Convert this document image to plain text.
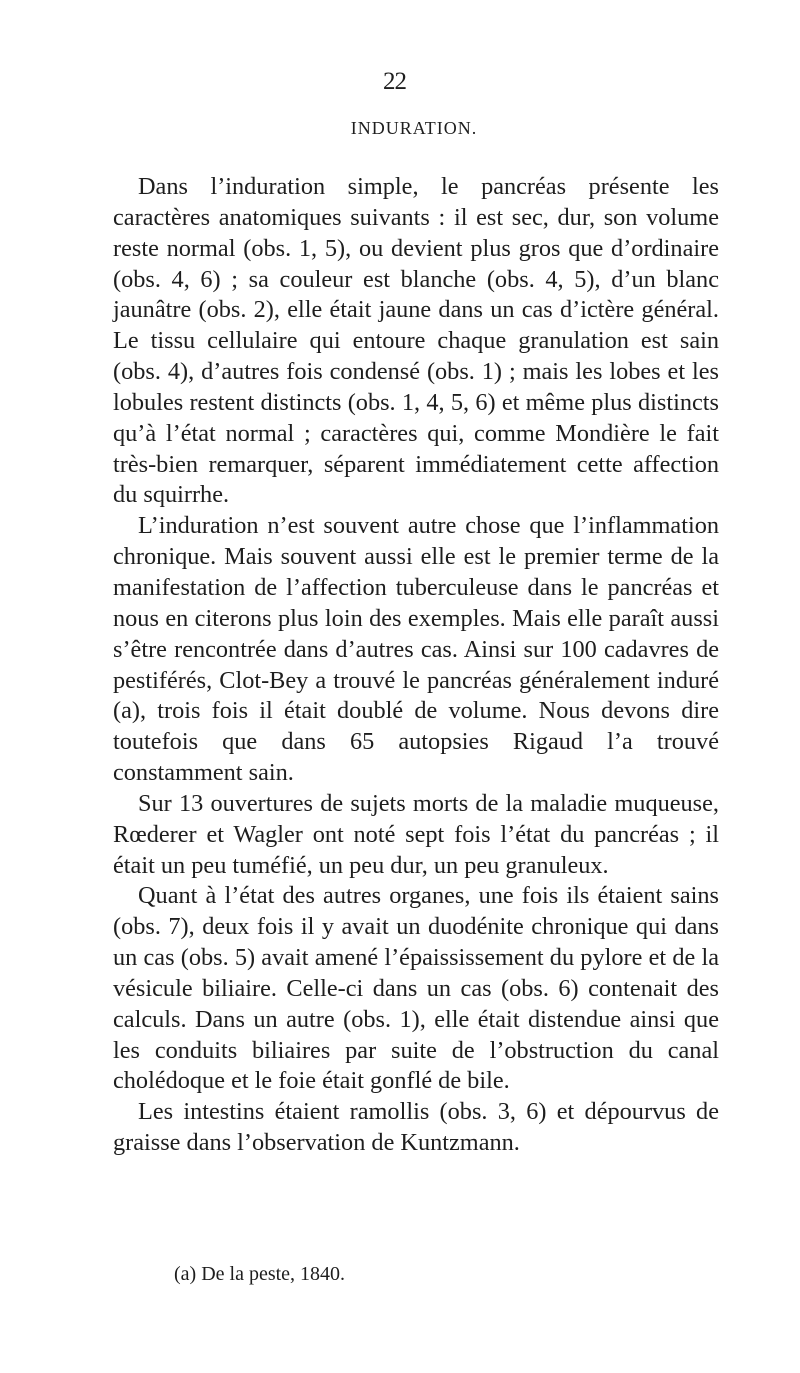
22
INDURATION.

Dans l’induration simple, le pancréas présente les caractères anatomiques suivants : il est sec, dur, son volume reste normal (obs. 1, 5), ou devient plus gros que d’ordinaire (obs. 4, 6) ; sa couleur est blanche (obs. 4, 5), d’un blanc jaunâtre (obs. 2), elle était jaune dans un cas d’ictère général. Le tissu cellulaire qui entoure chaque granulation est sain (obs. 4), d’autres fois condensé (obs. 1) ; mais les lobes et les lobules restent distincts (obs. 1, 4, 5, 6) et même plus distincts qu’à l’état normal ; caractères qui, comme Mondière le fait très-bien remarquer, séparent immédiatement cette affection du squirrhe.

L’induration n’est souvent autre chose que l’inflammation chronique. Mais souvent aussi elle est le premier terme de la manifestation de l’affection tuberculeuse dans le pancréas et nous en citerons plus loin des exemples. Mais elle paraît aussi s’être rencontrée dans d’autres cas. Ainsi sur 100 cadavres de pestiférés, Clot-Bey a trouvé le pancréas généralement induré (a), trois fois il était doublé de volume. Nous devons dire toutefois que dans 65 autopsies Rigaud l’a trouvé constamment sain.

Sur 13 ouvertures de sujets morts de la maladie muqueuse, Rœderer et Wagler ont noté sept fois l’état du pancréas ; il était un peu tuméfié, un peu dur, un peu granuleux.

Quant à l’état des autres organes, une fois ils étaient sains (obs. 7), deux fois il y avait un duodénite chronique qui dans un cas (obs. 5) avait amené l’épaississement du pylore et de la vésicule biliaire. Celle-ci dans un cas (obs. 6) contenait des calculs. Dans un autre (obs. 1), elle était distendue ainsi que les conduits biliaires par suite de l’obstruction du canal cholédoque et le foie était gonflé de bile.

Les intestins étaient ramollis (obs. 3, 6) et dépourvus de graisse dans l’observation de Kuntzmann.

(a) De la peste, 1840.
